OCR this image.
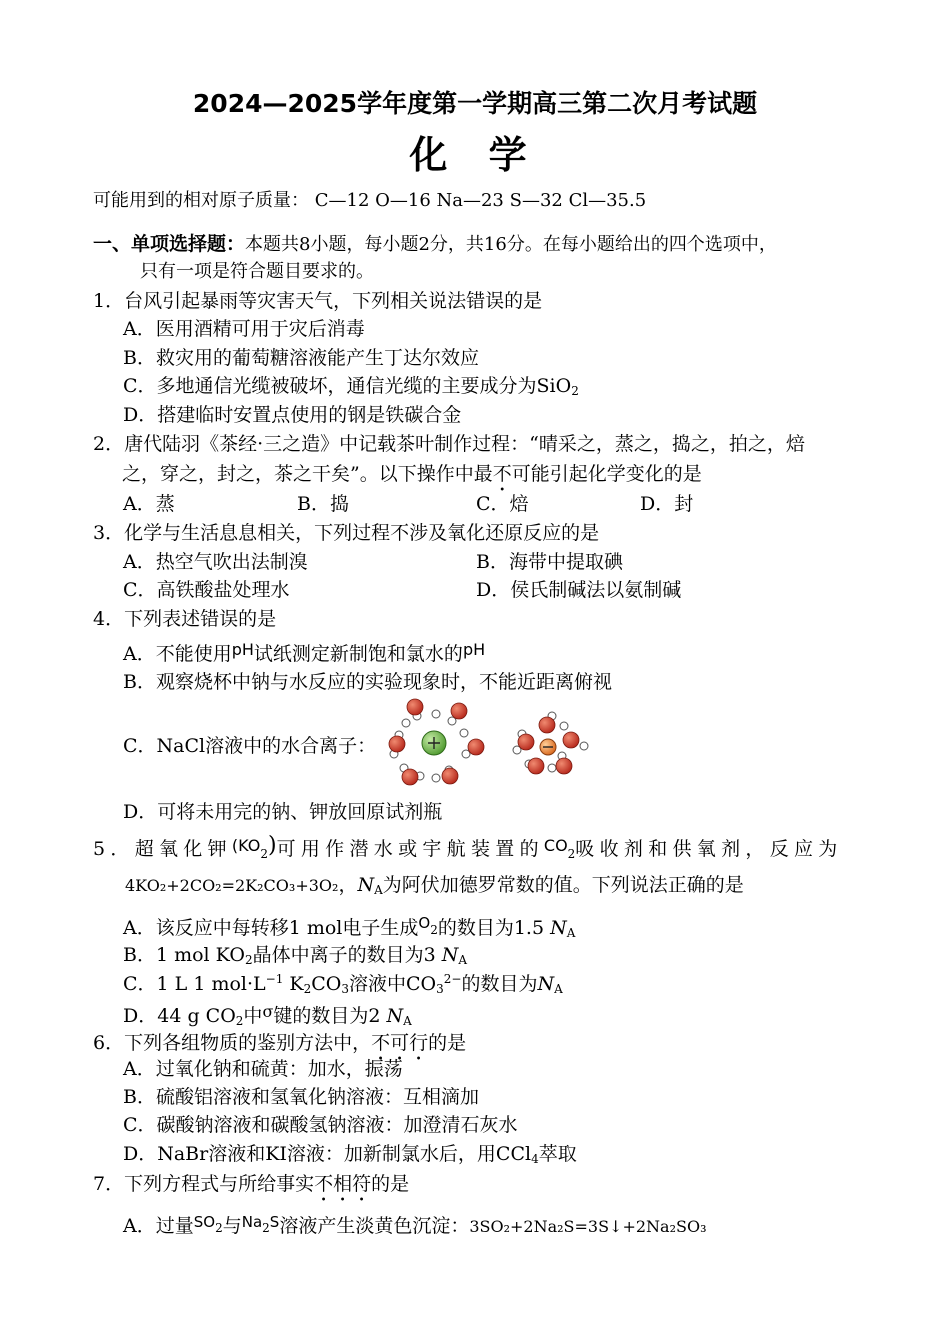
2024—2025学年度第一学期高三第二次月考试题
化 学
可能用到的相对原子质量： C—12 O—16 Na—23 S—32 Cl—35.5
一、单项选择题：本题共8小题，每小题2分，共16分。在每小题给出的四个选项中，
只有一项是符合题目要求的。
1．台风引起暴雨等灾害天气，下列相关说法错误的是
A．医用酒精可用于灾后消毒
B．救灾用的葡萄糖溶液能产生丁达尔效应
C．多地通信光缆被破坏，通信光缆的主要成分为SiO$_2$
D．搭建临时安置点使用的钢是铁碳合金
2．唐代陆羽《茶经·三之造》中记载茶叶制作过程：“晴采之，蒸之，捣之，拍之，焙
之，穿之，封之，茶之干矣”。以下操作中最不可能引起化学变化的是
A．蒸	B．捣	C．焙	D．封
3．化学与生活息息相关，下列过程不涉及氧化还原反应的是
A．热空气吹出法制溴	B．海带中提取碘
C．高铁酸盐处理水	D．侯氏制碱法以氨制碱
4．下列表述错误的是
A．不能使用$^{pH}$试纸测定新制饱和氯水的$^{pH}$
B．观察烧杯中钠与水反应的实验现象时，不能近距离俯视
C．NaCl溶液中的水合离子：
D．可将未用完的钠、钾放回原试剂瓶
5．超氧化钾$^{(KO}_2$)可用作潜水或宇航装置的$^{CO}_2$吸收剂和供氧剂，反应为
4KO₂+2CO₂=2K₂CO₃+3O₂，$N_A$为阿伏加德罗常数的值。下列说法正确的是
A．该反应中每转移1 mol电子生成$^O$2的数目为1.5 $N_A$
B．1 mol $KO_2$晶体中离子的数目为3 $N_A$
C．1 L 1 $mol\cdot L^{-1}$ $K_2CO_3$溶液中$CO_3^{2-}$的数目为$N_A$
D．44 g $CO_2$中$^\sigma$键的数目为2 $N_A$
6．下列各组物质的鉴别方法中，不可行的是
A．过氧化钠和硫黄：加水，振荡
B．硫酸铝溶液和氢氧化钠溶液：互相滴加
C．碳酸钠溶液和碳酸氢钠溶液：加澄清石灰水
D．NaBr溶液和KI溶液：加新制氯水后，用CCl$_4$萃取
7．下列方程式与所给事实不相符的是
A．过量$^{SO}$2与$^{Na}2^S$溶液产生淡黄色沉淀：3SO₂+2Na₂S=3S↓+2Na₂SO₃
